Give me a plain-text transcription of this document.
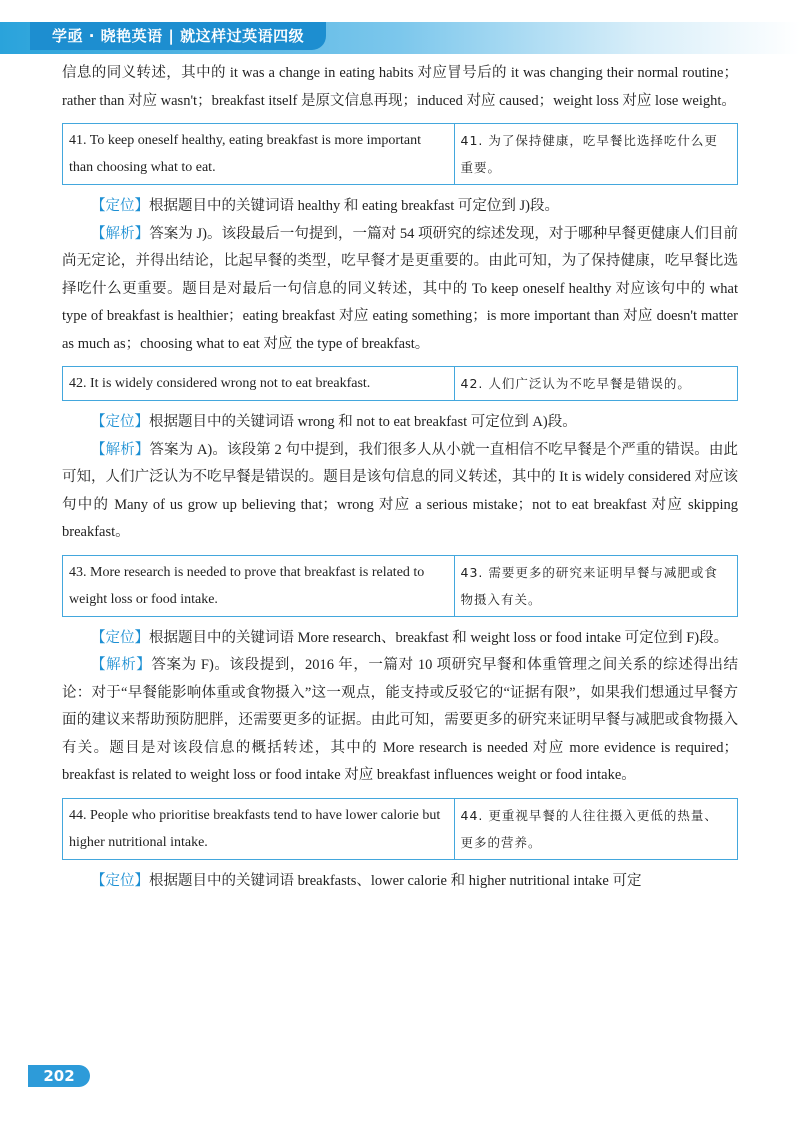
学亟 · 晓艳英语 | 就这样过英语四级

信息的同义转述，其中的 it was a change in eating habits 对应冒号后的 it was changing their normal routine；rather than 对应 wasn't；breakfast itself 是原文信息再现；induced 对应 caused；weight loss 对应 lose weight。

41. To keep oneself healthy, eating breakfast is more important than choosing what to eat.	41. 为了保持健康，吃早餐比选择吃什么更重要。

【定位】根据题目中的关键词语 healthy 和 eating breakfast 可定位到 J)段。

【解析】答案为 J)。该段最后一句提到，一篇对 54 项研究的综述发现，对于哪种早餐更健康人们目前尚无定论，并得出结论，比起早餐的类型，吃早餐才是更重要的。由此可知，为了保持健康，吃早餐比选择吃什么更重要。题目是对最后一句信息的同义转述，其中的 To keep oneself healthy 对应该句中的 what type of breakfast is healthier；eating breakfast 对应 eating something；is more important than 对应 doesn't matter as much as；choosing what to eat 对应 the type of breakfast。

42. It is widely considered wrong not to eat breakfast.	42. 人们广泛认为不吃早餐是错误的。

【定位】根据题目中的关键词语 wrong 和 not to eat breakfast 可定位到 A)段。

【解析】答案为 A)。该段第 2 句中提到，我们很多人从小就一直相信不吃早餐是个严重的错误。由此可知，人们广泛认为不吃早餐是错误的。题目是该句信息的同义转述，其中的 It is widely considered 对应该句中的 Many of us grow up believing that；wrong 对应 a serious mistake；not to eat breakfast 对应 skipping breakfast。

43. More research is needed to prove that breakfast is related to weight loss or food intake.	43. 需要更多的研究来证明早餐与减肥或食物摄入有关。

【定位】根据题目中的关键词语 More research、breakfast 和 weight loss or food intake 可定位到 F)段。

【解析】答案为 F)。该段提到，2016 年，一篇对 10 项研究早餐和体重管理之间关系的综述得出结论：对于“早餐能影响体重或食物摄入”这一观点，能支持或反驳它的“证据有限”，如果我们想通过早餐方面的建议来帮助预防肥胖，还需要更多的证据。由此可知，需要更多的研究来证明早餐与减肥或食物摄入有关。题目是对该段信息的概括转述，其中的 More research is needed 对应 more evidence is required；breakfast is related to weight loss or food intake 对应 breakfast influences weight or food intake。

44. People who prioritise breakfasts tend to have lower calorie but higher nutritional intake.	44. 更重视早餐的人往往摄入更低的热量、更多的营养。

【定位】根据题目中的关键词语 breakfasts、lower calorie 和 higher nutritional intake 可定

202
